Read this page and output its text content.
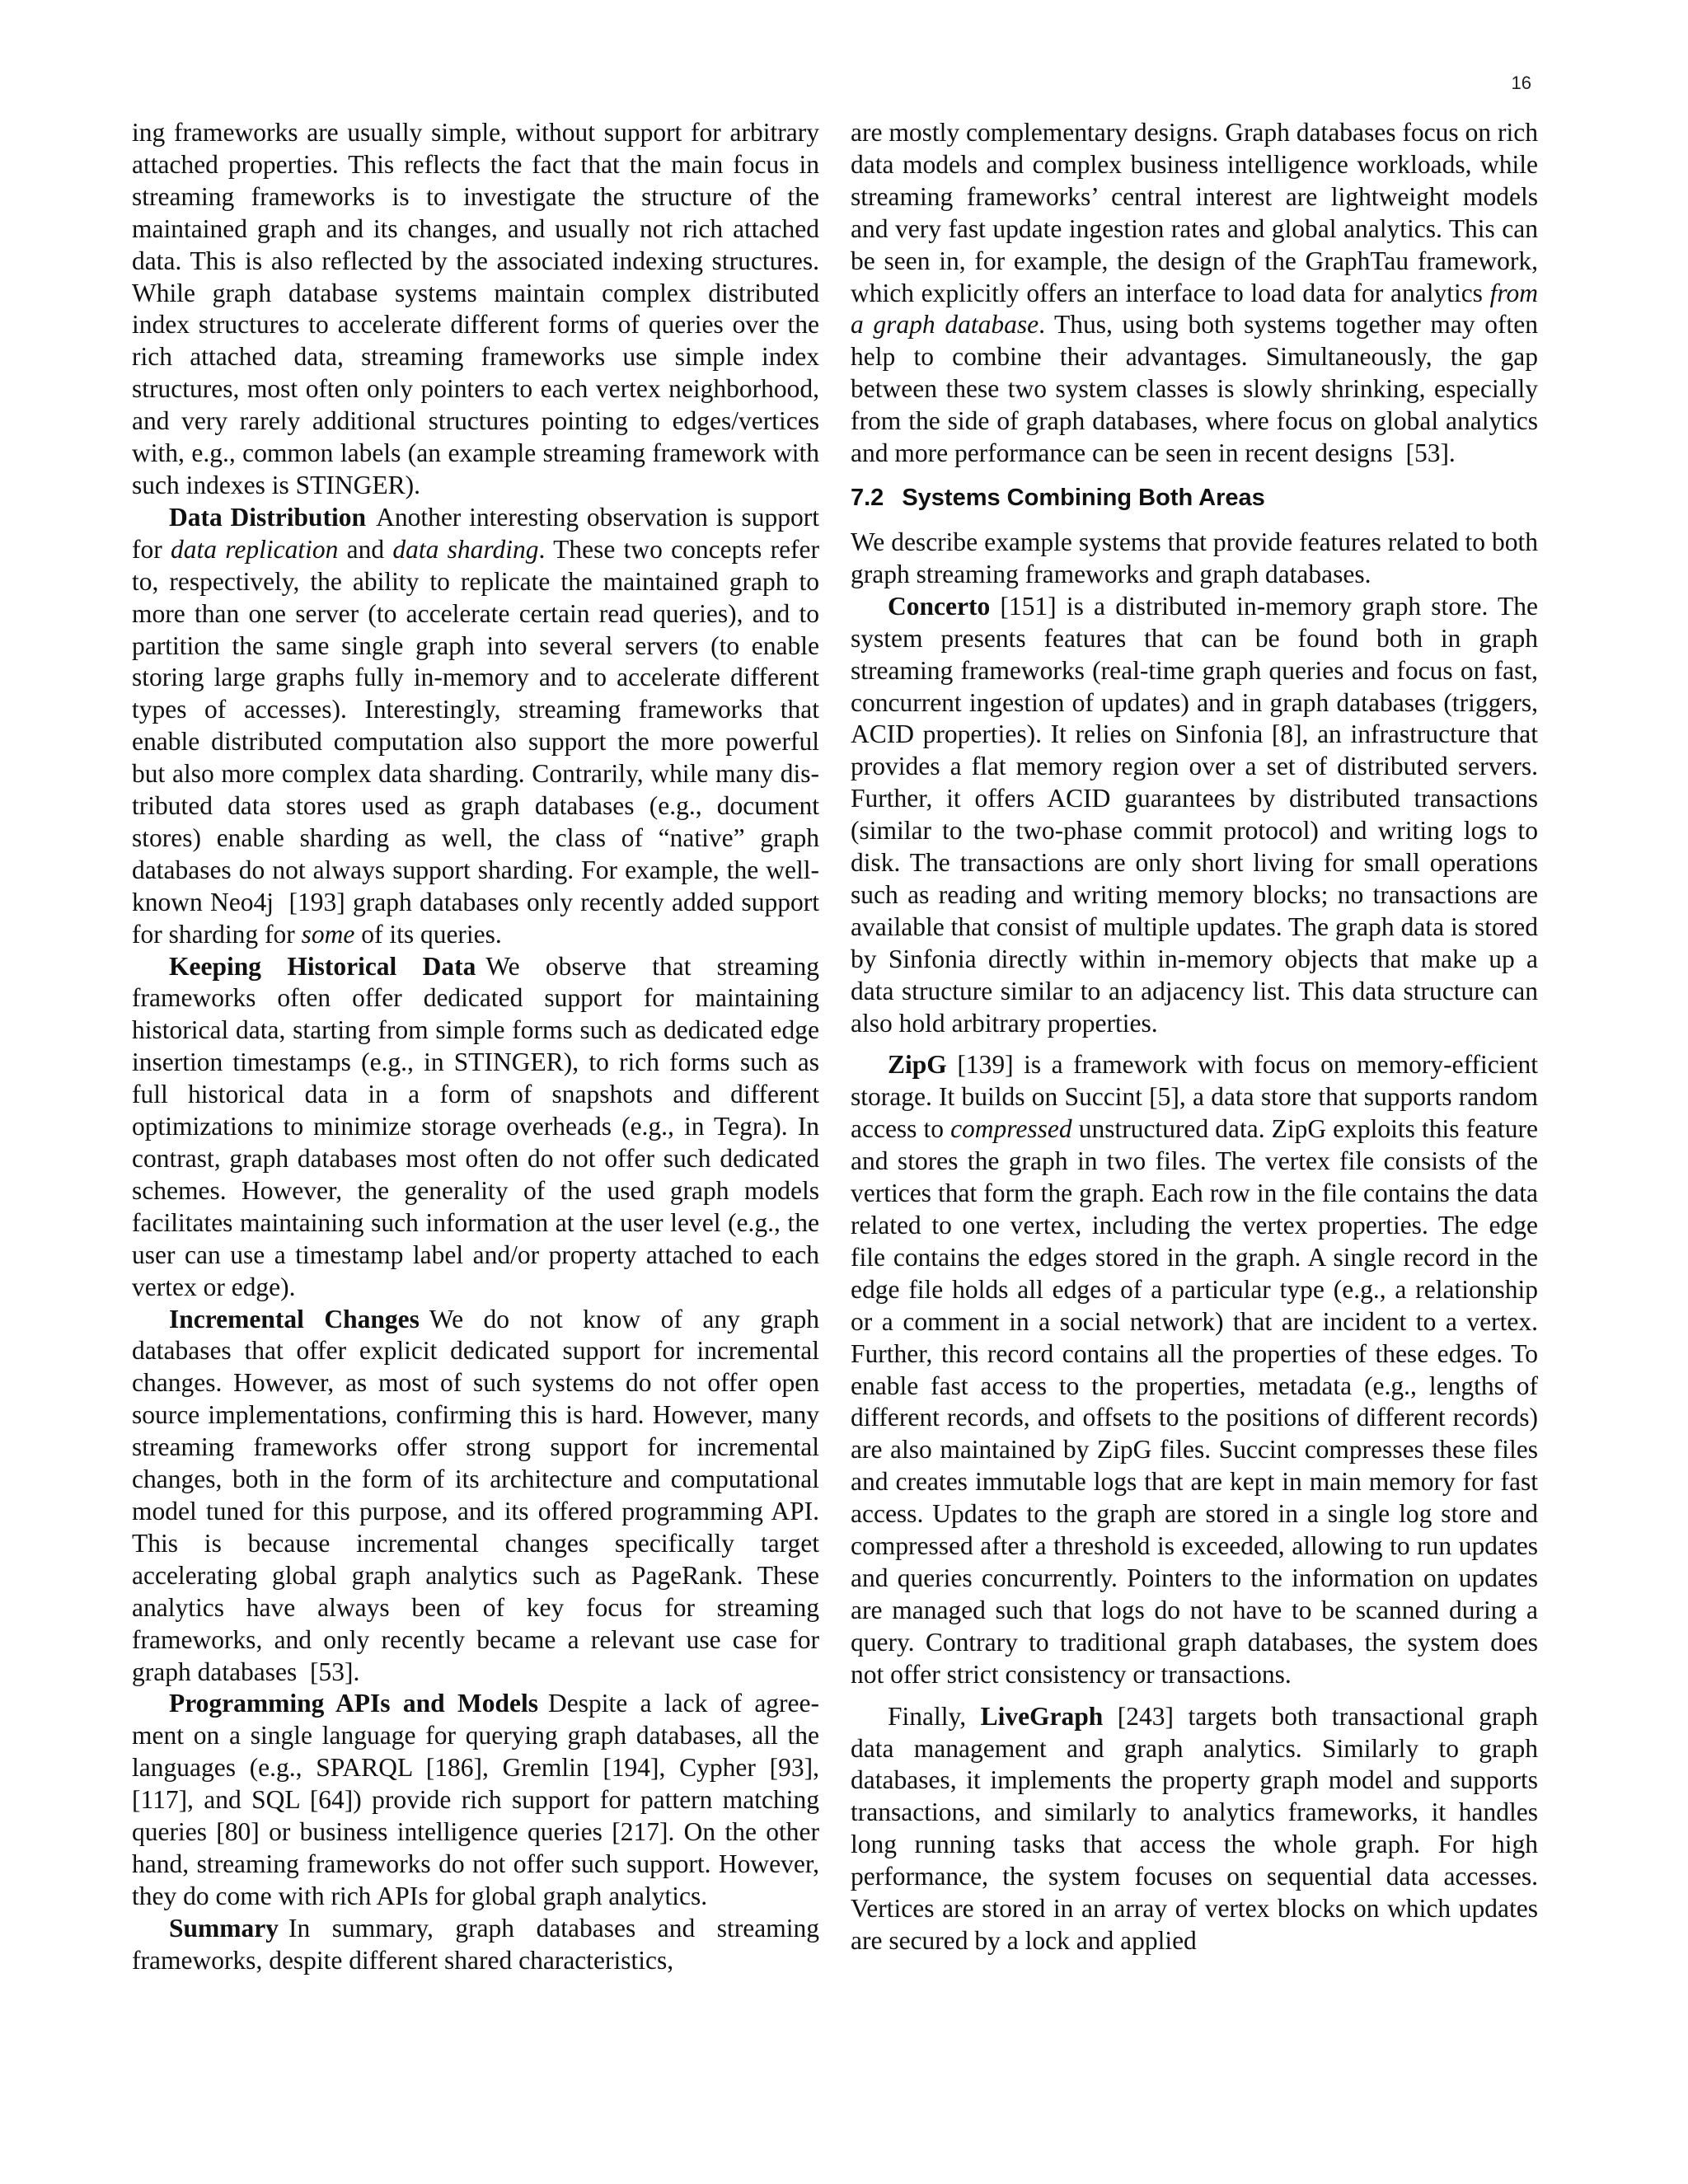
16

ing frameworks are usually simple, without support for arbitrary attached properties. This reflects the fact that the main focus in streaming frameworks is to investigate the structure of the maintained graph and its changes, and usually not rich attached data. This is also reflected by the associated indexing structures. While graph database systems maintain complex distributed index structures to accelerate different forms of queries over the rich attached data, streaming frameworks use simple index structures, most often only pointers to each vertex neighborhood, and very rarely additional structures pointing to edges/vertices with, e.g., common labels (an example streaming framework with such indexes is STINGER).

Data Distribution Another interesting observation is support for data replication and data sharding. These two concepts refer to, respectively, the ability to replicate the maintained graph to more than one server (to accelerate certain read queries), and to partition the same single graph into several servers (to enable storing large graphs fully in-memory and to accelerate different types of accesses). Interestingly, streaming frameworks that enable distributed computation also support the more powerful but also more complex data sharding. Contrarily, while many distributed data stores used as graph databases (e.g., document stores) enable sharding as well, the class of “native” graph databases do not always support sharding. For example, the well-known Neo4j  [193] graph databases only recently added support for sharding for some of its queries.

Keeping Historical Data We observe that streaming frameworks often offer dedicated support for maintaining historical data, starting from simple forms such as dedicated edge insertion timestamps (e.g., in STINGER), to rich forms such as full historical data in a form of snapshots and different optimizations to minimize storage overheads (e.g., in Tegra). In contrast, graph databases most often do not offer such dedicated schemes. However, the generality of the used graph models facilitates maintaining such information at the user level (e.g., the user can use a timestamp label and/or property attached to each vertex or edge).

Incremental Changes We do not know of any graph databases that offer explicit dedicated support for incremental changes. However, as most of such systems do not offer open source implementations, confirming this is hard. However, many streaming frameworks offer strong support for incremental changes, both in the form of its architecture and computational model tuned for this purpose, and its offered programming API. This is because incremental changes specifically target accelerating global graph analytics such as PageRank. These analytics have always been of key focus for streaming frameworks, and only recently became a relevant use case for graph databases  [53].

Programming APIs and Models Despite a lack of agreement on a single language for querying graph databases, all the languages (e.g., SPARQL [186], Gremlin [194], Cypher [93], [117], and SQL [64]) provide rich support for pattern matching queries [80] or business intelligence queries [217]. On the other hand, streaming frameworks do not offer such support. However, they do come with rich APIs for global graph analytics.

Summary In summary, graph databases and streaming frameworks, despite different shared characteristics,

are mostly complementary designs. Graph databases focus on rich data models and complex business intelligence workloads, while streaming frameworks’ central interest are lightweight models and very fast update ingestion rates and global analytics. This can be seen in, for example, the design of the GraphTau framework, which explicitly offers an interface to load data for analytics from a graph database. Thus, using both systems together may often help to combine their advantages. Simultaneously, the gap between these two system classes is slowly shrinking, especially from the side of graph databases, where focus on global analytics and more performance can be seen in recent designs  [53].

7.2 Systems Combining Both Areas

We describe example systems that provide features related to both graph streaming frameworks and graph databases.

Concerto [151] is a distributed in-memory graph store. The system presents features that can be found both in graph streaming frameworks (real-time graph queries and focus on fast, concurrent ingestion of updates) and in graph databases (triggers, ACID properties). It relies on Sinfonia [8], an infrastructure that provides a flat memory region over a set of distributed servers. Further, it offers ACID guarantees by distributed transactions (similar to the two-phase commit protocol) and writing logs to disk. The transactions are only short living for small operations such as reading and writing memory blocks; no transactions are available that consist of multiple updates. The graph data is stored by Sinfonia directly within in-memory objects that make up a data structure similar to an adjacency list. This data structure can also hold arbitrary properties.

ZipG [139] is a framework with focus on memory-efficient storage. It builds on Succint [5], a data store that supports random access to compressed unstructured data. ZipG exploits this feature and stores the graph in two files. The vertex file consists of the vertices that form the graph. Each row in the file contains the data related to one vertex, including the vertex properties. The edge file contains the edges stored in the graph. A single record in the edge file holds all edges of a particular type (e.g., a relationship or a comment in a social network) that are incident to a vertex. Further, this record contains all the properties of these edges. To enable fast access to the properties, metadata (e.g., lengths of different records, and offsets to the positions of different records) are also maintained by ZipG files. Succint compresses these files and creates immutable logs that are kept in main memory for fast access. Updates to the graph are stored in a single log store and compressed after a threshold is exceeded, allowing to run updates and queries concurrently. Pointers to the information on updates are managed such that logs do not have to be scanned during a query. Contrary to traditional graph databases, the system does not offer strict consistency or transactions.

Finally, LiveGraph [243] targets both transactional graph data management and graph analytics. Similarly to graph databases, it implements the property graph model and supports transactions, and similarly to analytics frameworks, it handles long running tasks that access the whole graph. For high performance, the system focuses on sequential data accesses. Vertices are stored in an array of vertex blocks on which updates are secured by a lock and applied
